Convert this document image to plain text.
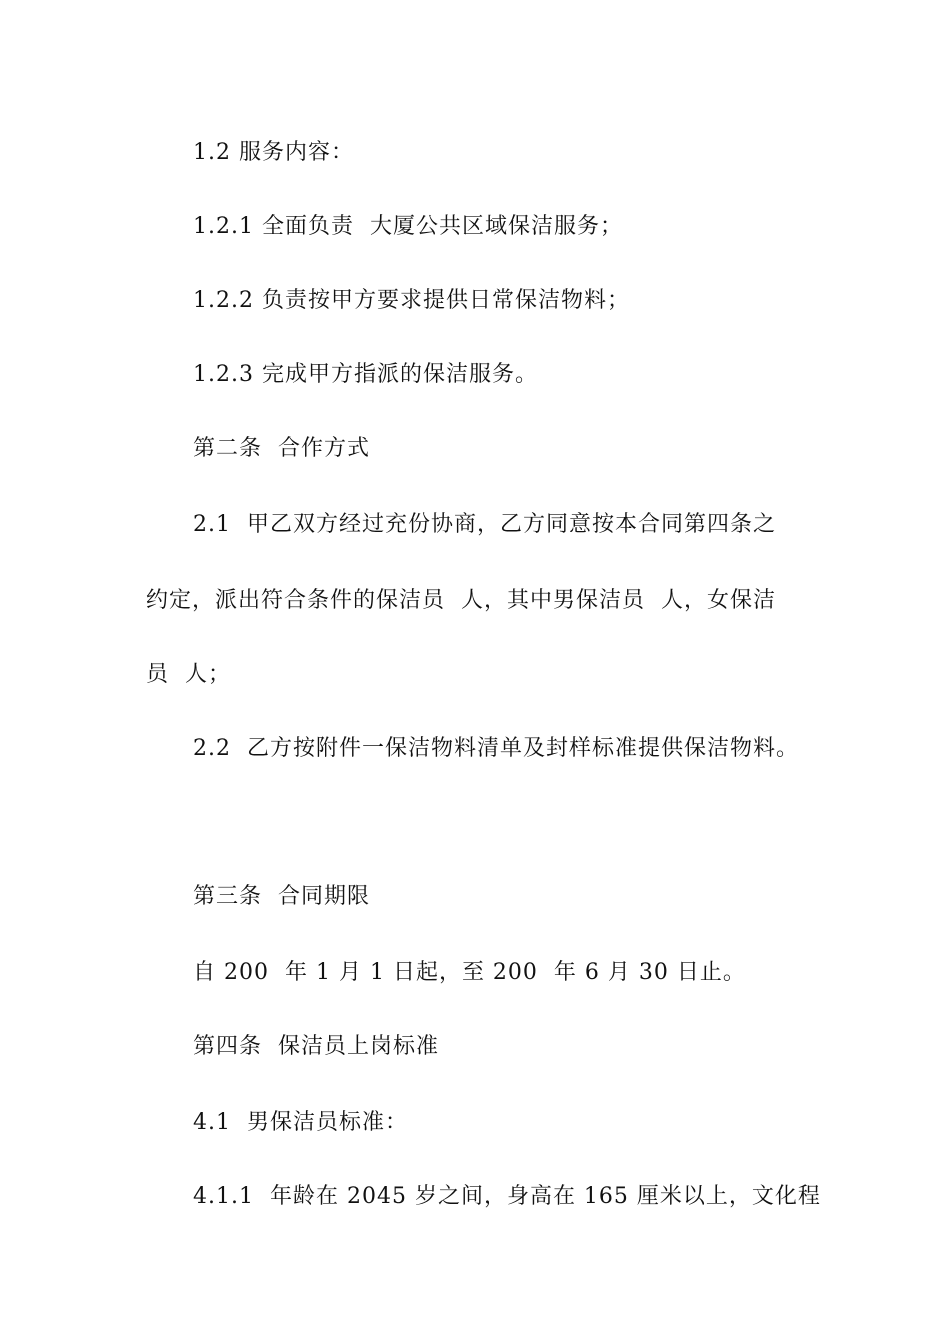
1.2 服务内容：
1.2.1 全面负责  大厦公共区域保洁服务；
1.2.2 负责按甲方要求提供日常保洁物料；
1.2.3 完成甲方指派的保洁服务。
第二条  合作方式
2.1  甲乙双方经过充份协商，乙方同意按本合同第四条之
约定，派出符合条件的保洁员  人，其中男保洁员  人，女保洁
员  人；
2.2  乙方按附件一保洁物料清单及封样标准提供保洁物料。
第三条  合同期限
自 200  年 1 月 1 日起，至 200  年 6 月 30 日止。
第四条  保洁员上岗标准
4.1  男保洁员标准：
4.1.1  年龄在 2045 岁之间，身高在 165 厘米以上，文化程
